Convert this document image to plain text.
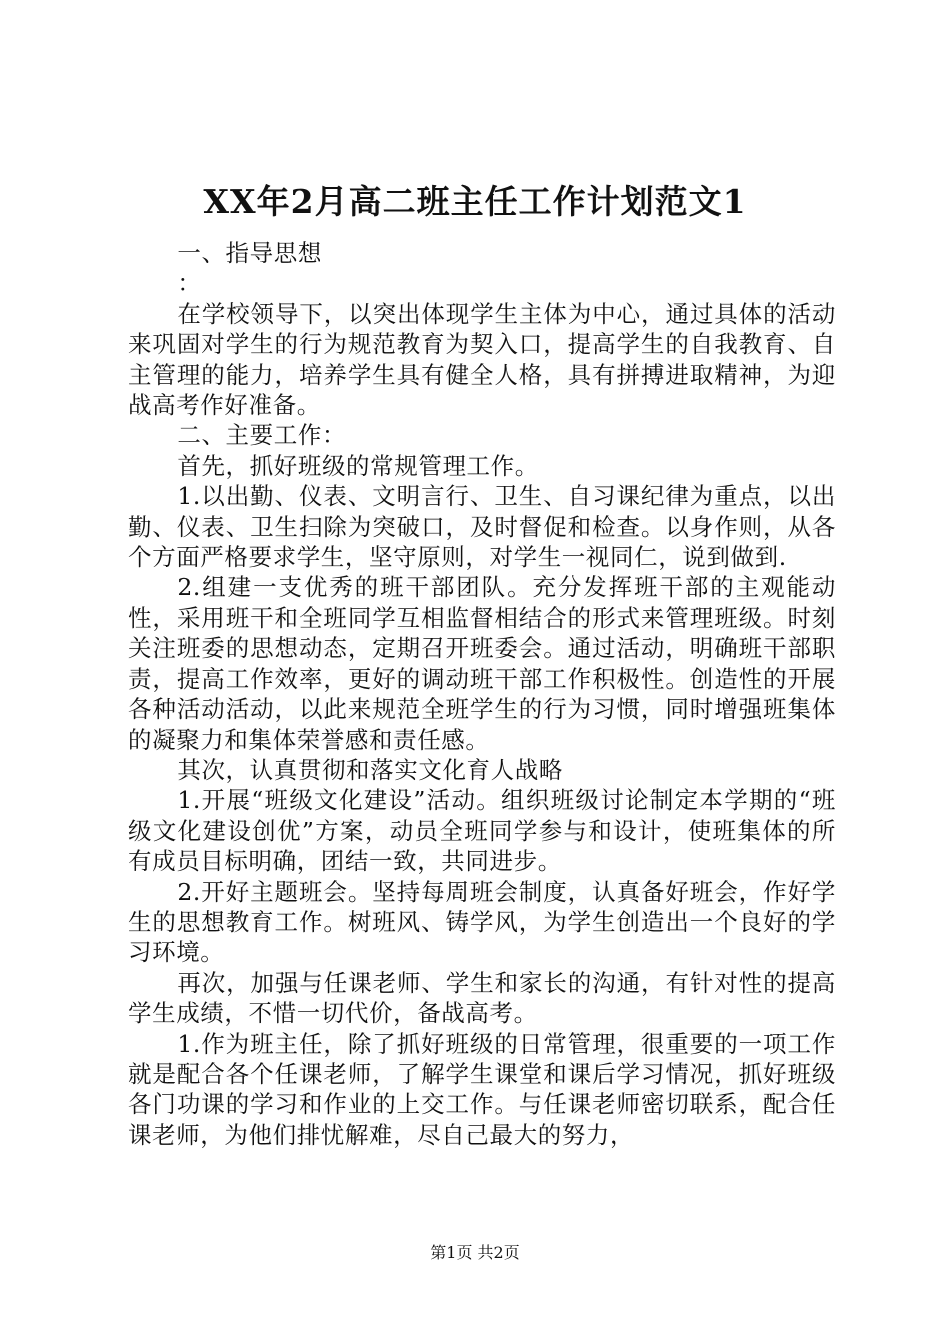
XX年2月高二班主任工作计划范文1

一、指导思想

：

在学校领导下，以突出体现学生主体为中心，通过具体的活动来巩固对学生的行为规范教育为契入口，提高学生的自我教育、自主管理的能力，培养学生具有健全人格，具有拼搏进取精神，为迎战高考作好准备。

二、主要工作：

首先，抓好班级的常规管理工作。

1.以出勤、仪表、文明言行、卫生、自习课纪律为重点，以出勤、仪表、卫生扫除为突破口，及时督促和检查。以身作则，从各个方面严格要求学生，坚守原则，对学生一视同仁，说到做到.

2.组建一支优秀的班干部团队。充分发挥班干部的主观能动性，采用班干和全班同学互相监督相结合的形式来管理班级。时刻关注班委的思想动态，定期召开班委会。通过活动，明确班干部职责，提高工作效率，更好的调动班干部工作积极性。创造性的开展各种活动活动，以此来规范全班学生的行为习惯，同时增强班集体的凝聚力和集体荣誉感和责任感。

其次，认真贯彻和落实文化育人战略

1.开展“班级文化建设”活动。组织班级讨论制定本学期的“班级文化建设创优”方案，动员全班同学参与和设计，使班集体的所有成员目标明确，团结一致，共同进步。

2.开好主题班会。坚持每周班会制度，认真备好班会，作好学生的思想教育工作。树班风、铸学风，为学生创造出一个良好的学习环境。

再次，加强与任课老师、学生和家长的沟通，有针对性的提高学生成绩，不惜一切代价，备战高考。

1.作为班主任，除了抓好班级的日常管理，很重要的一项工作就是配合各个任课老师，了解学生课堂和课后学习情况，抓好班级各门功课的学习和作业的上交工作。与任课老师密切联系，配合任课老师，为他们排忧解难，尽自己最大的努力，

第1页 共2页
